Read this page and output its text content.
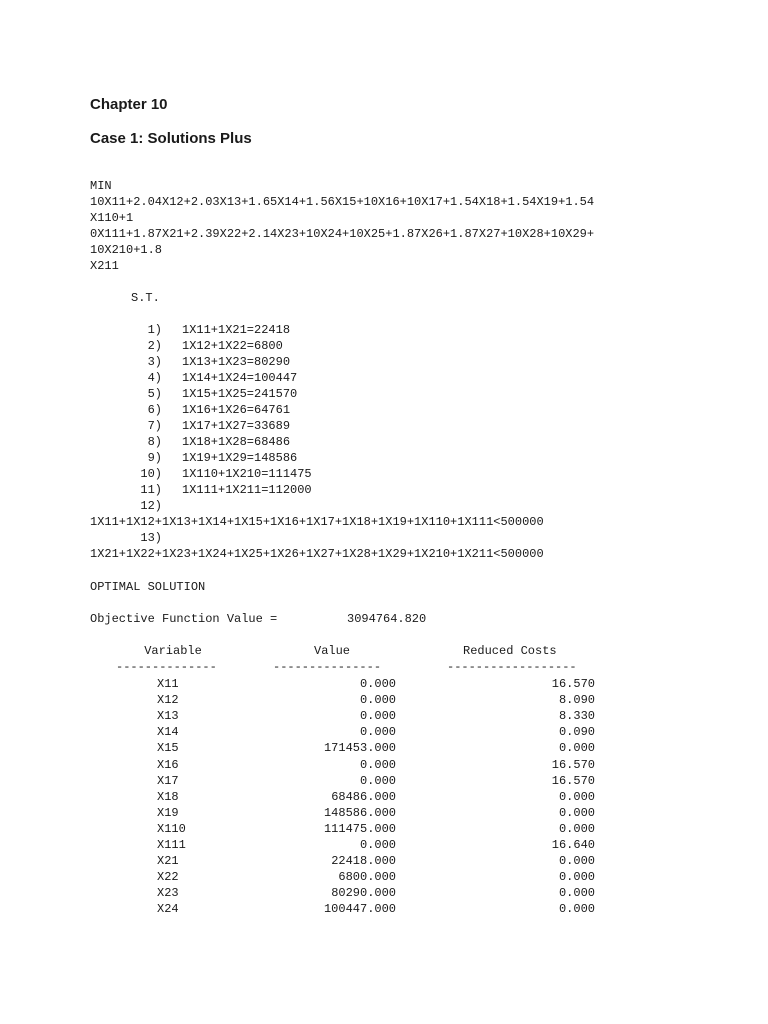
Chapter 10
Case 1: Solutions Plus
MIN
10X11+2.04X12+2.03X13+1.65X14+1.56X15+10X16+10X17+1.54X18+1.54X19+1.54
X110+1
0X111+1.87X21+2.39X22+2.14X23+10X24+10X25+1.87X26+1.87X27+10X28+10X29+
10X210+1.8
X211
S.T.
1) 1X11+1X21=22418
2) 1X12+1X22=6800
3) 1X13+1X23=80290
4) 1X14+1X24=100447
5) 1X15+1X25=241570
6) 1X16+1X26=64761
7) 1X17+1X27=33689
8) 1X18+1X28=68486
9) 1X19+1X29=148586
10) 1X110+1X210=111475
11) 1X111+1X211=112000
12)
1X11+1X12+1X13+1X14+1X15+1X16+1X17+1X18+1X19+1X110+1X111<500000
13)
1X21+1X22+1X23+1X24+1X25+1X26+1X27+1X28+1X29+1X210+1X211<500000
OPTIMAL SOLUTION
Objective Function Value =	3094764.820
Variable	Value	Reduced Costs
--------------	---------------	------------------
X11	0.000	16.570
X12	0.000	8.090
X13	0.000	8.330
X14	0.000	0.090
X15	171453.000	0.000
X16	0.000	16.570
X17	0.000	16.570
X18	68486.000	0.000
X19	148586.000	0.000
X110	111475.000	0.000
X111	0.000	16.640
X21	22418.000	0.000
X22	6800.000	0.000
X23	80290.000	0.000
X24	100447.000	0.000
